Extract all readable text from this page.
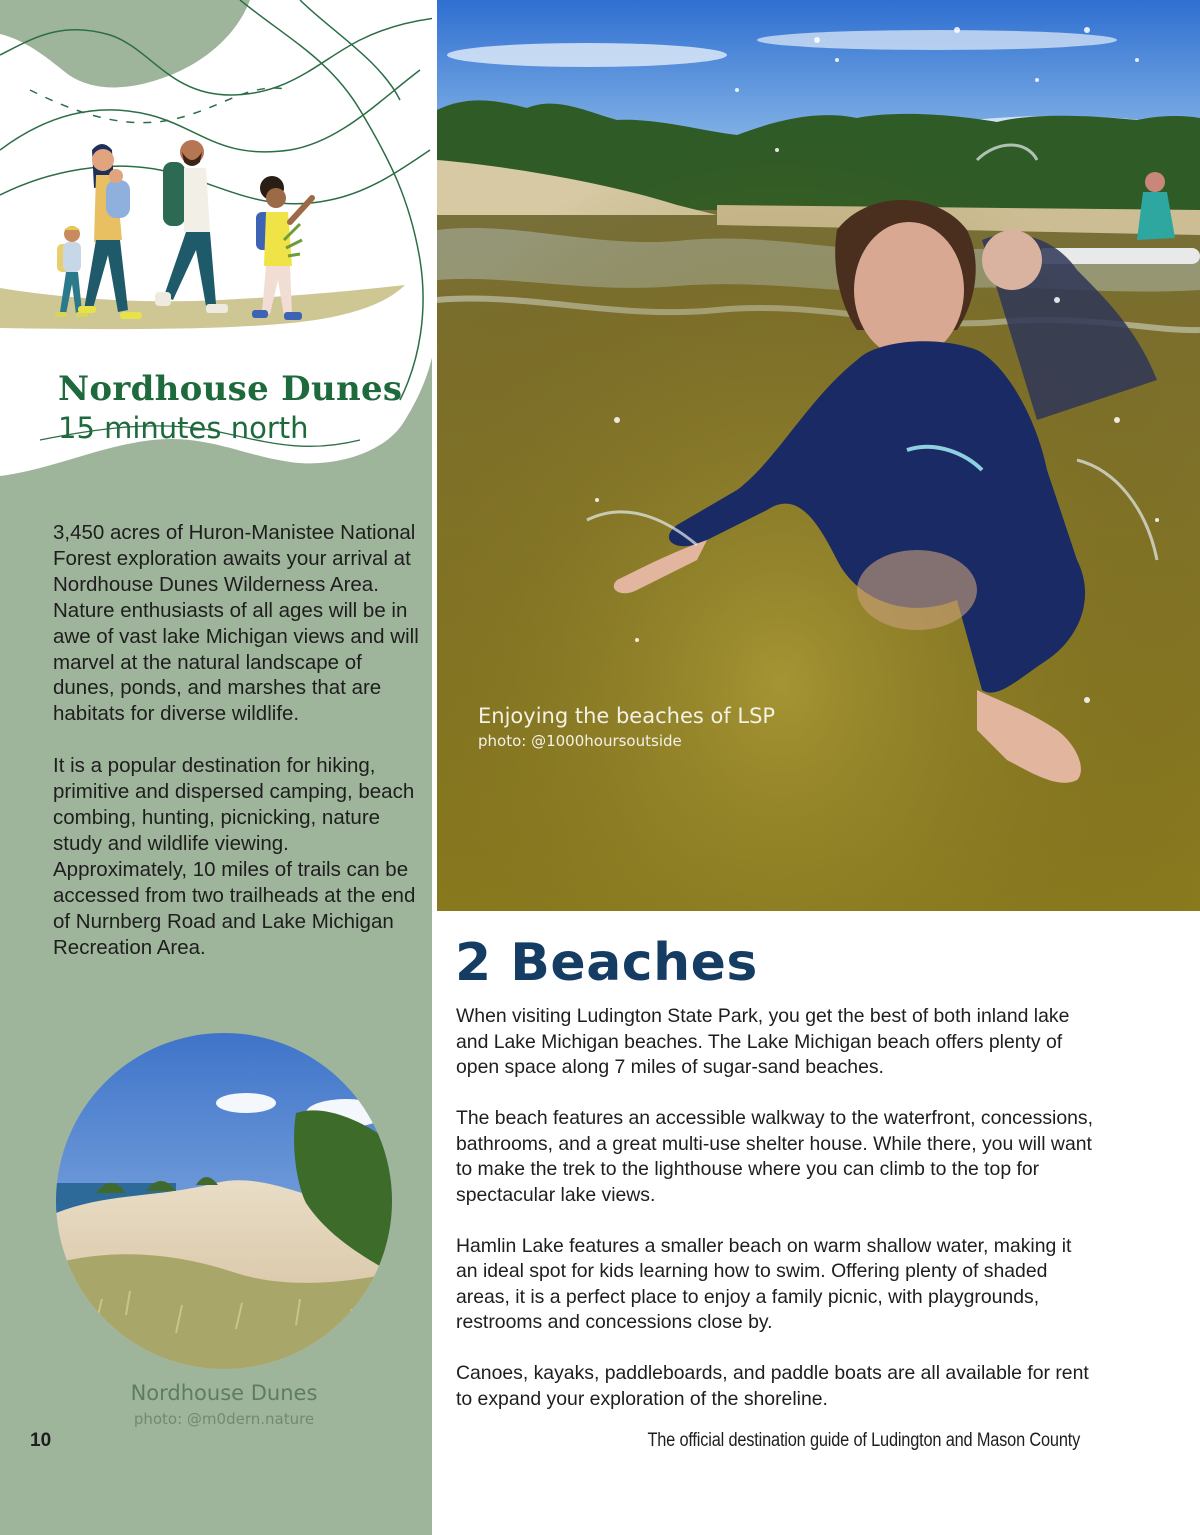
Nordhouse Dunes
15 minutes north

3,450 acres of Huron-Manistee National Forest exploration awaits your arrival at Nordhouse Dunes Wilderness Area. Nature enthusiasts of all ages will be in awe of vast lake Michigan views and will marvel at the natural landscape of dunes, ponds, and marshes that are habitats for diverse wildlife.

It is a popular destination for hiking, primitive and dispersed camping, beach combing, hunting, picnicking, nature study and wildlife viewing. Approximately, 10 miles of trails can be accessed from two trailheads at the end of Nurnberg Road and Lake Michigan Recreation Area.

Nordhouse Dunes
photo: @m0dern.nature
10
Enjoying the beaches of LSP
photo: @1000hoursoutside
2 Beaches

When visiting Ludington State Park, you get the best of both inland lake and Lake Michigan beaches. The Lake Michigan beach offers plenty of open space along 7 miles of sugar-sand beaches.

The beach features an accessible walkway to the waterfront, concessions, bathrooms, and a great multi-use shelter house. While there, you will want to make the trek to the lighthouse where you can climb to the top for spectacular lake views.

Hamlin Lake features a smaller beach on warm shallow water, making it an ideal spot for kids learning how to swim. Offering plenty of shaded areas, it is a perfect place to enjoy a family picnic, with playgrounds, restrooms and concessions close by.

Canoes, kayaks, paddleboards, and paddle boats are all available for rent to expand your exploration of the shoreline.

The official destination guide of Ludington and Mason County
